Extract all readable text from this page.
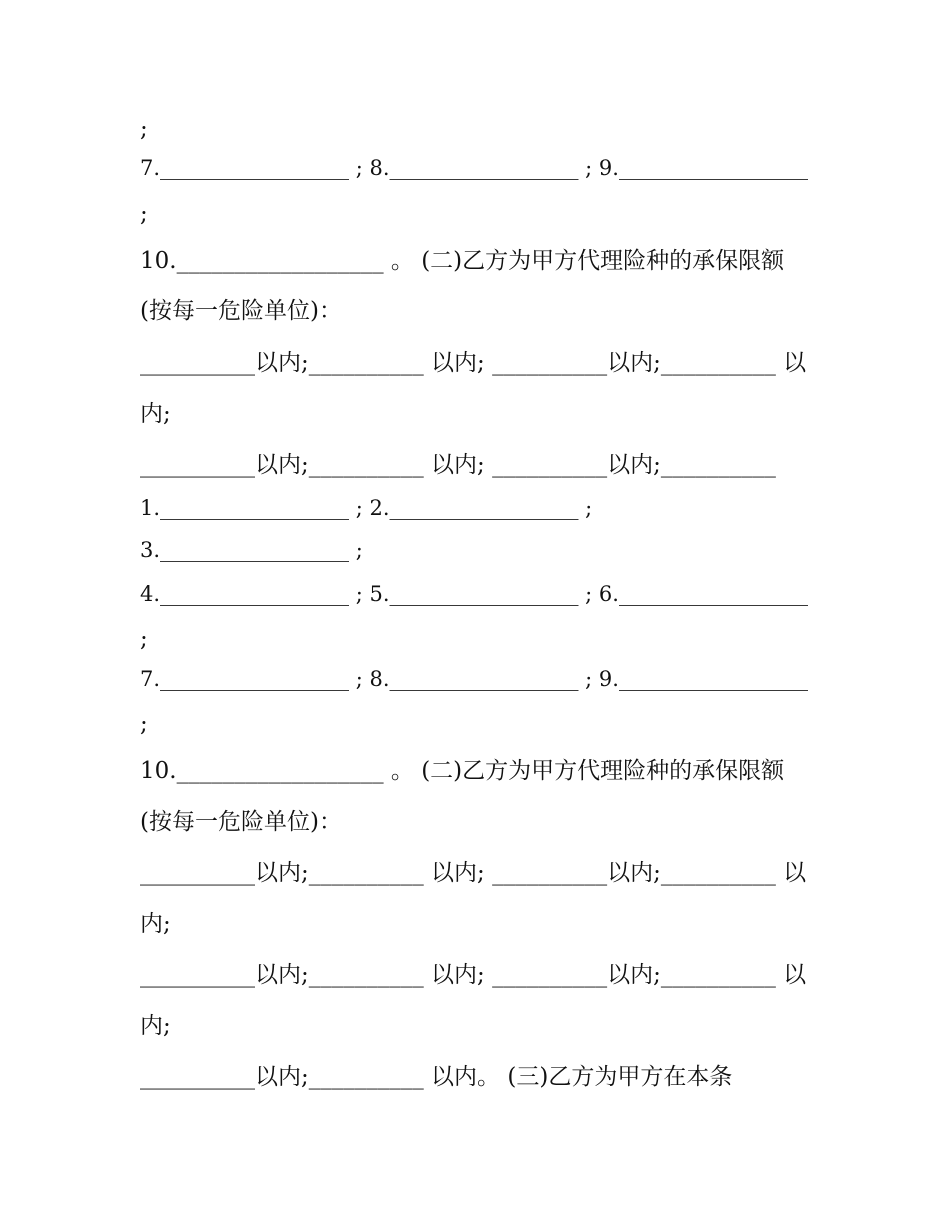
;
7.__________________ ; 8.__________________ ; 9.__________________
;
10.__________________ 。 (二)乙方为甲方代理险种的承保限额
(按每一危险单位)：
__________以内;__________ 以内; __________以内;__________ 以
内;
__________以内;__________ 以内; __________以内;__________
1.__________________ ; 2.__________________ ;
3.__________________ ;
4.__________________ ; 5.__________________ ; 6.__________________
;
7.__________________ ; 8.__________________ ; 9.__________________
;
10.__________________ 。 (二)乙方为甲方代理险种的承保限额
(按每一危险单位)：
__________以内;__________ 以内; __________以内;__________ 以
内;
__________以内;__________ 以内; __________以内;__________ 以
内;
__________以内;__________ 以内。 (三)乙方为甲方在本条
